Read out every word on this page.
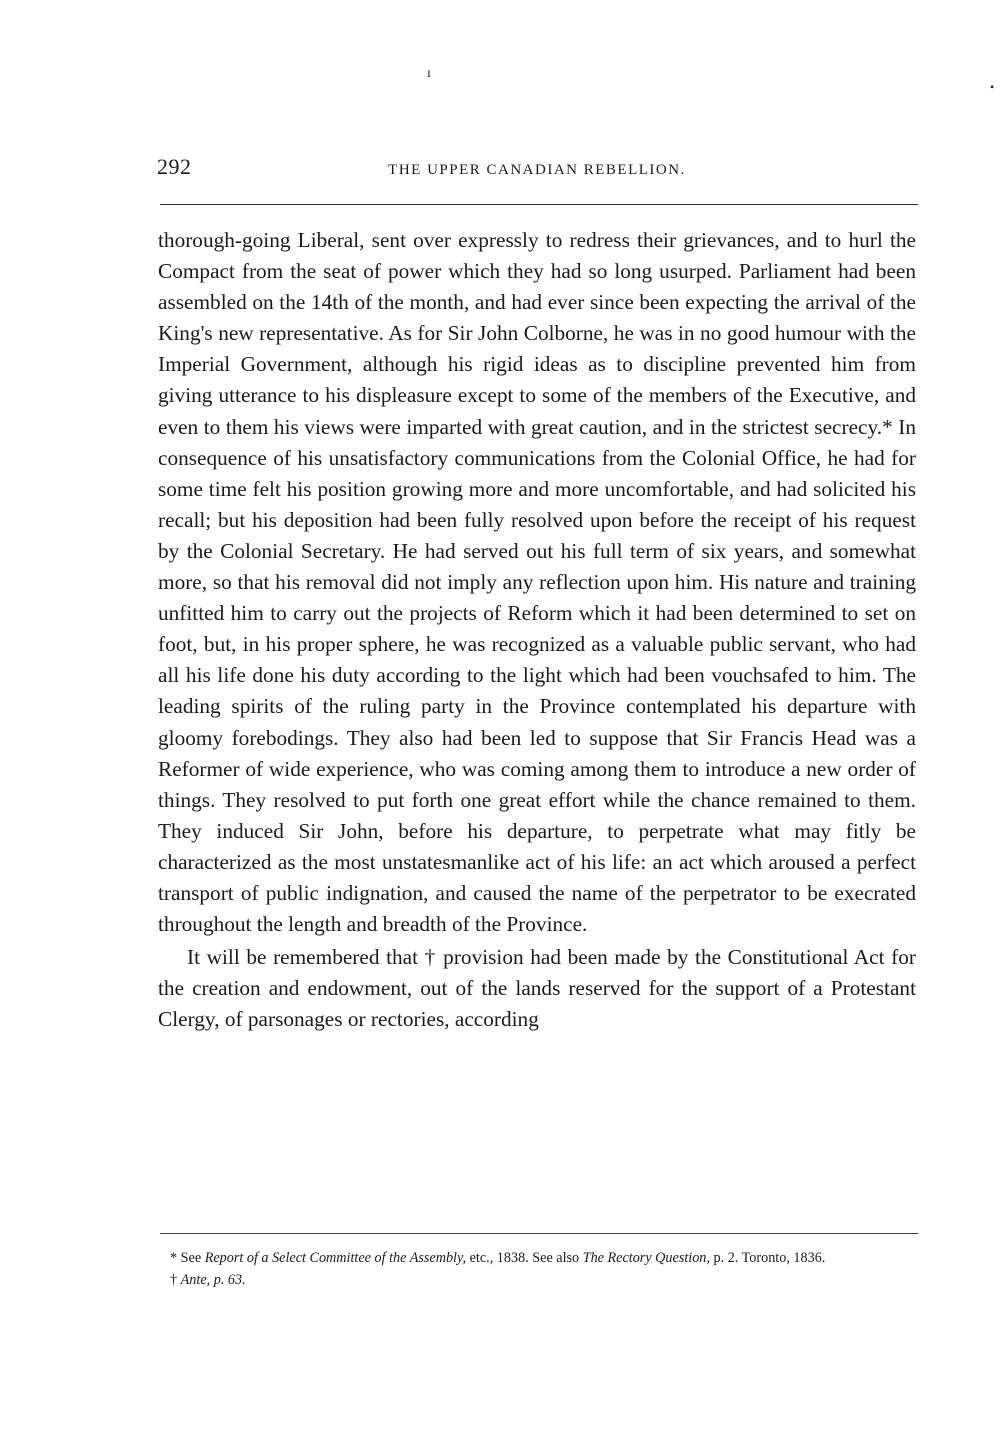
ı
•
292	THE UPPER CANADIAN REBELLION.

thorough-going Liberal, sent over expressly to redress their grievances, and to hurl the Compact from the seat of power which they had so long usurped. Parliament had been assembled on the 14th of the month, and had ever since been expecting the arrival of the King's new representative. As for Sir John Colborne, he was in no good humour with the Imperial Government, although his rigid ideas as to discipline prevented him from giving utterance to his displeasure except to some of the members of the Executive, and even to them his views were imparted with great caution, and in the strictest secrecy.* In consequence of his unsatisfactory communications from the Colonial Office, he had for some time felt his position growing more and more uncomfortable, and had solicited his recall; but his deposition had been fully resolved upon before the receipt of his request by the Colonial Secretary. He had served out his full term of six years, and somewhat more, so that his removal did not imply any reflection upon him. His nature and training unfitted him to carry out the projects of Reform which it had been determined to set on foot, but, in his proper sphere, he was recognized as a valuable public servant, who had all his life done his duty according to the light which had been vouchsafed to him. The leading spirits of the ruling party in the Province contemplated his departure with gloomy forebodings. They also had been led to suppose that Sir Francis Head was a Reformer of wide experience, who was coming among them to introduce a new order of things. They resolved to put forth one great effort while the chance remained to them. They induced Sir John, before his departure, to perpetrate what may fitly be characterized as the most unstatesmanlike act of his life: an act which aroused a perfect transport of public indignation, and caused the name of the perpetrator to be execrated throughout the length and breadth of the Province.

It will be remembered that † provision had been made by the Constitutional Act for the creation and endowment, out of the lands reserved for the support of a Protestant Clergy, of parsonages or rectories, according

* See Report of a Select Committee of the Assembly, etc., 1838. See also The Rectory Question, p. 2. Toronto, 1836.

† Ante, p. 63.
